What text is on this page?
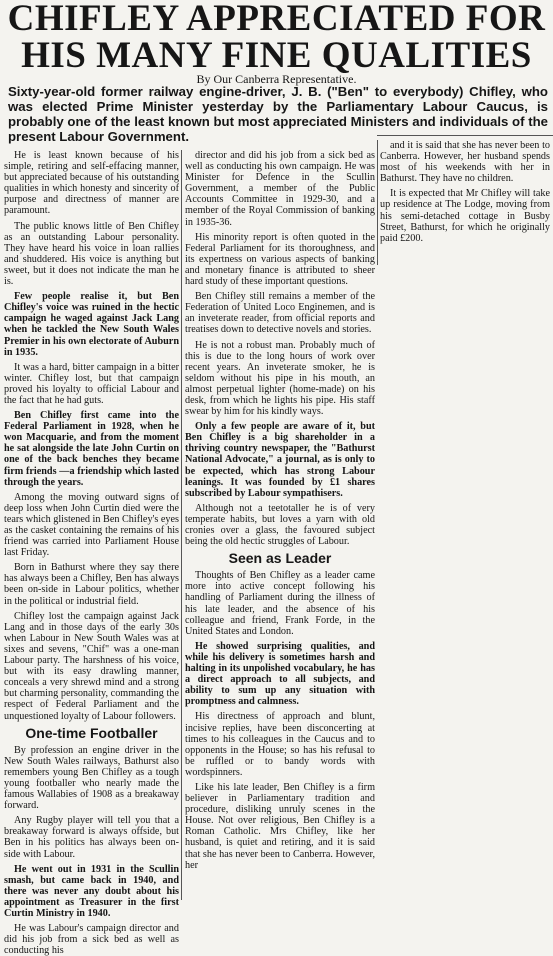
CHIFLEY APPRECIATED FOR HIS MANY FINE QUALITIES

By Our Canberra Representative.

Sixty-year-old former railway engine-driver, J. B. ("Ben" to everybody) Chifley, who was elected Prime Minister yesterday by the Parliamentary Labour Caucus, is probably one of the least known but most appreciated Ministers and individuals of the present Labour Government.

He is least known because of his simple, retiring and self-effacing manner, but appreciated because of his outstanding qualities in which honesty and sincerity of purpose and directness of manner are paramount.

The public knows little of Ben Chifley as an outstanding Labour personality. They have heard his voice in loan rallies and shuddered. His voice is anything but sweet, but it does not indicate the man he is.

Few people realise it, but Ben Chifley's voice was ruined in the hectic campaign he waged against Jack Lang when he tackled the New South Wales Premier in his own electorate of Auburn in 1935.

It was a hard, bitter campaign in a bitter winter. Chifley lost, but that campaign proved his loyalty to official Labour and the fact that he had guts.

Ben Chifley first came into the Federal Parliament in 1928, when he won Macquarie, and from the moment he sat alongside the late John Curtin on one of the back benches they became firm friends —a friendship which lasted through the years.

Among the moving outward signs of deep loss when John Curtin died were the tears which glistened in Ben Chifley's eyes as the casket containing the remains of his friend was carried into Parliament House last Friday.

Born in Bathurst where they say there has always been a Chifley, Ben has always been on-side in Labour politics, whether in the political or industrial field.

Chifley lost the campaign against Jack Lang and in those days of the early 30s when Labour in New South Wales was at sixes and sevens, "Chif" was a one-man Labour party. The harshness of his voice, but with its easy drawling manner, conceals a very shrewd mind and a strong but charming personality, commanding the respect of Federal Parliament and the unquestioned loyalty of Labour followers.

One-time Footballer

By profession an engine driver in the New South Wales railways, Bathurst also remembers young Ben Chifley as a tough young footballer who nearly made the famous Wallabies of 1908 as a breakaway forward.

Any Rugby player will tell you that a breakaway forward is always offside, but Ben in his politics has always been on-side with Labour.

He went out in 1931 in the Scullin smash, but came back in 1940, and there was never any doubt about his appointment as Treasurer in the first Curtin Ministry in 1940.

He was Labour's campaign director and did his job from a sick bed as well as conducting his

director and did his job from a sick bed as well as conducting his own campaign. He was Minister for Defence in the Scullin Government, a member of the Public Accounts Committee in 1929-30, and a member of the Royal Commission of banking in 1935-36.

His minority report is often quoted in the Federal Parliament for its thoroughness, and its expertness on various aspects of banking and monetary finance is attributed to sheer hard study of these important questions.

Ben Chifley still remains a member of the Federation of United Loco Enginemen, and is an inveterate reader, from official reports and treatises down to detective novels and stories.

He is not a robust man. Probably much of this is due to the long hours of work over recent years. An inveterate smoker, he is seldom without his pipe in his mouth, an almost perpetual lighter (home-made) on his desk, from which he lights his pipe. His staff swear by him for his kindly ways.

Only a few people are aware of it, but Ben Chifley is a big shareholder in a thriving country newspaper, the "Bathurst National Advocate," a journal, as is only to be expected, which has strong Labour leanings. It was founded by £1 shares subscribed by Labour sympathisers.

Although not a teetotaller he is of very temperate habits, but loves a yarn with old cronies over a glass, the favoured subject being the old hectic struggles of Labour.

Seen as Leader

Thoughts of Ben Chifley as a leader came more into active concept following his handling of Parliament during the illness of his late leader, and the absence of his colleague and friend, Frank Forde, in the United States and London.

He showed surprising qualities, and while his delivery is sometimes harsh and halting in its unpolished vocabulary, he has a direct approach to all subjects, and ability to sum up any situation with promptness and calmness.

His directness of approach and blunt, incisive replies, have been disconcerting at times to his colleagues in the Caucus and to opponents in the House; so has his refusal to be ruffled or to bandy words with wordspinners.

Like his late leader, Ben Chifley is a firm believer in Parliamentary tradition and procedure, disliking unruly scenes in the House. Not over religious, Ben Chifley is a Roman Catholic. Mrs Chifley, like her husband, is quiet and retiring, and it is said that she has never been to Canberra. However, her

and it is said that she has never been to Canberra. However, her husband spends most of his weekends with her in Bathurst. They have no children.

It is expected that Mr Chifley will take up residence at The Lodge, moving from his semi-detached cottage in Busby Street, Bathurst, for which he originally paid £200.
